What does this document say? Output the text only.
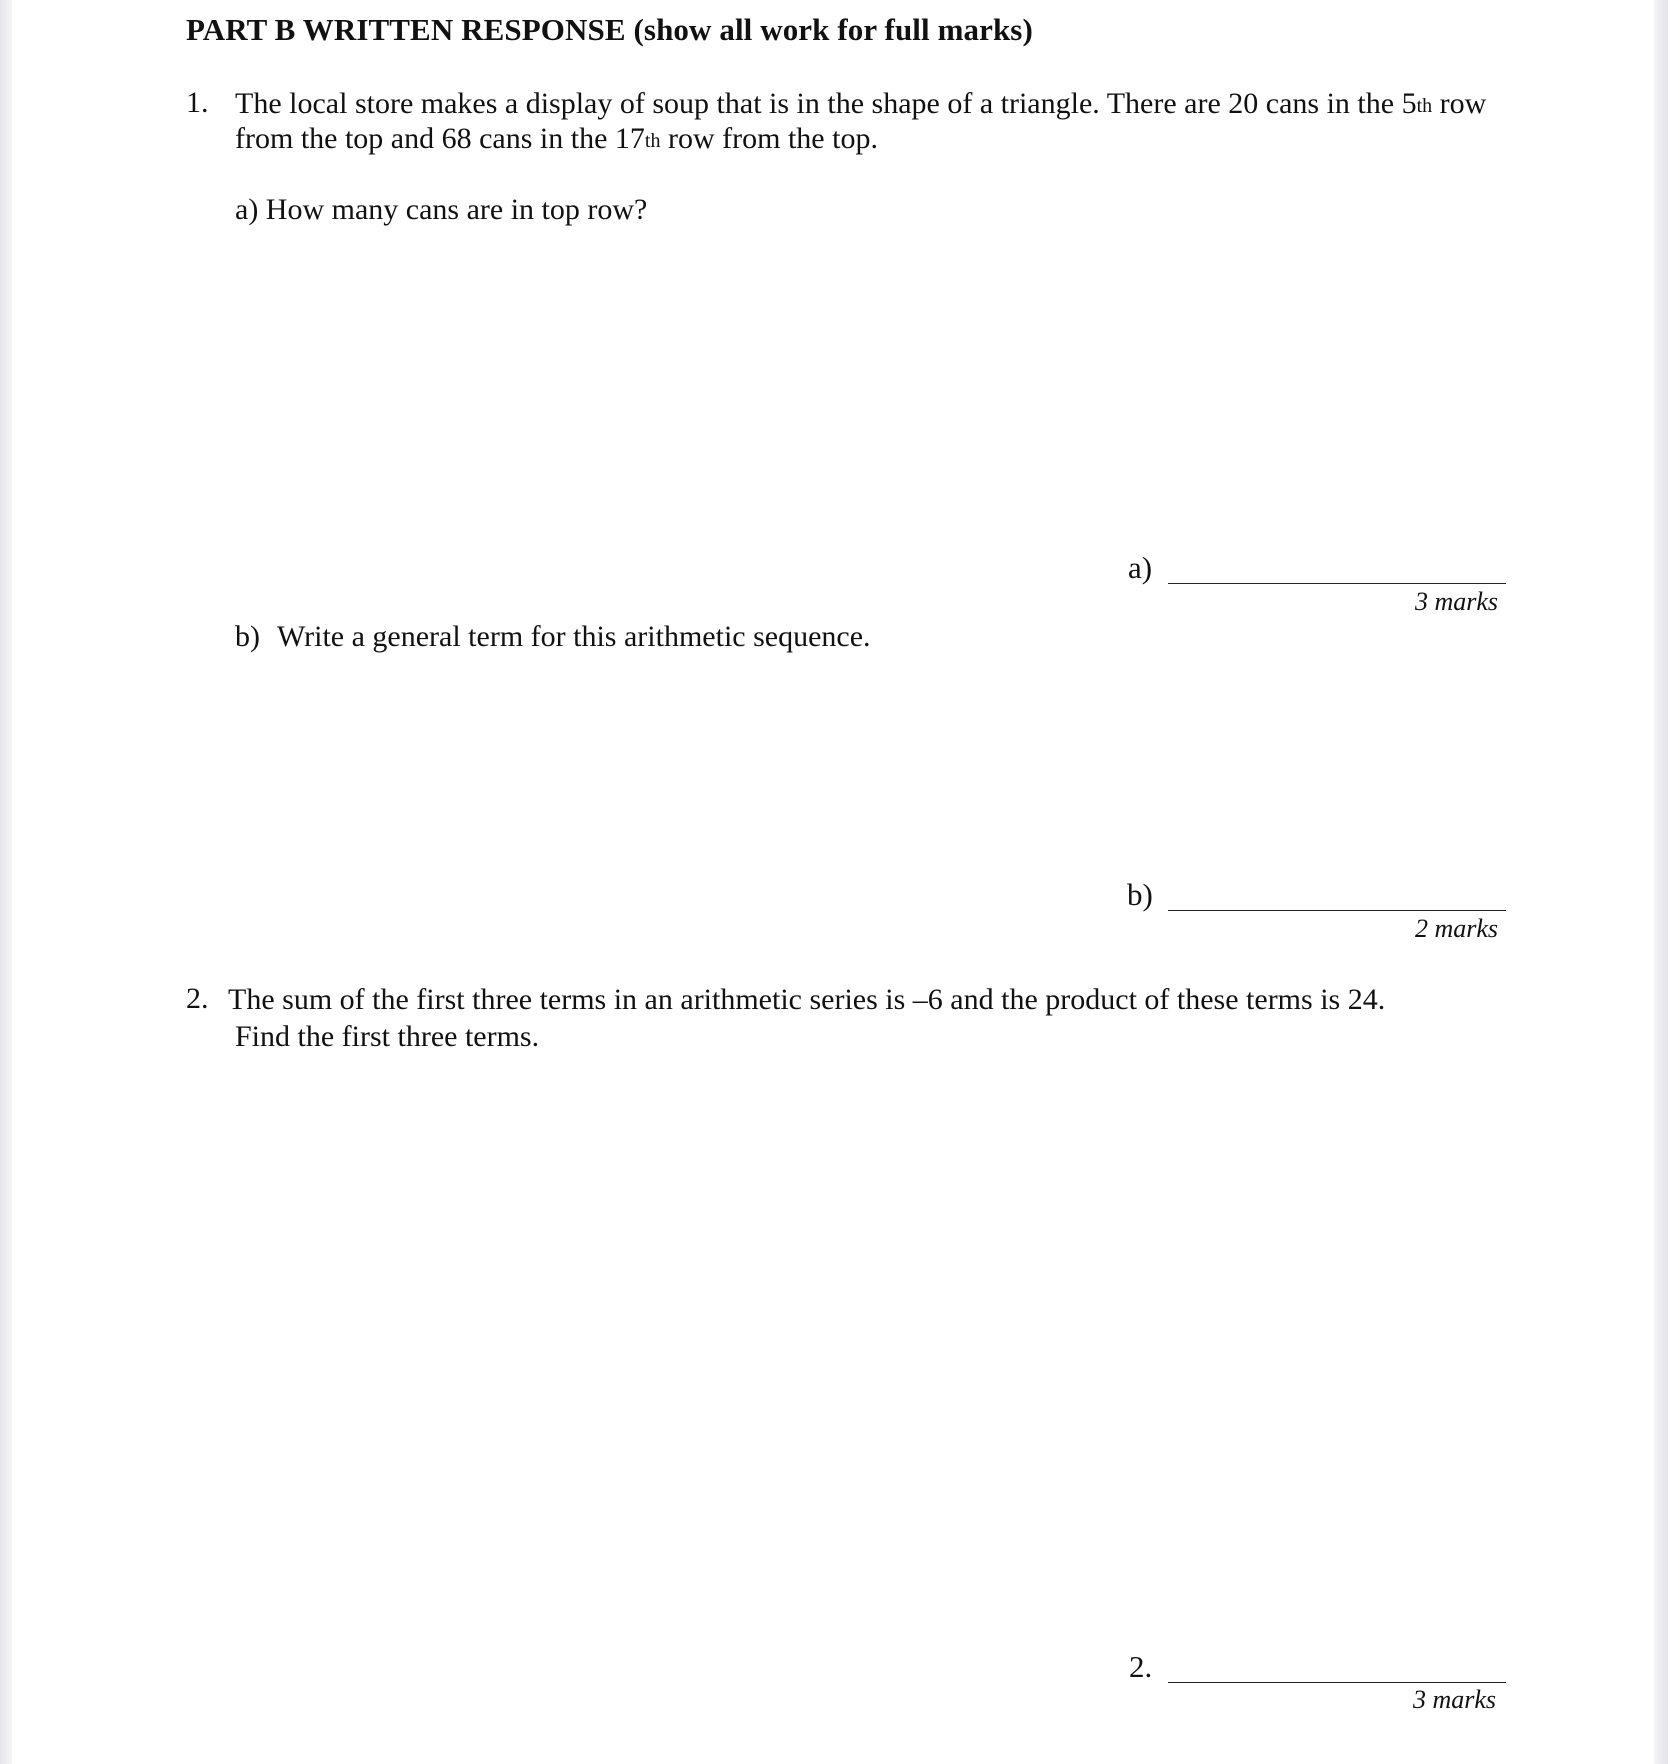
PART B WRITTEN RESPONSE (show all work for full marks)
1. The local store makes a display of soup that is in the shape of a triangle. There are 20 cans in the 5th row
from the top and 68 cans in the 17th row from the top.
a) How many cans are in top row?
a)
3 marks
b) Write a general term for this arithmetic sequence.
b)
2 marks
2. The sum of the first three terms in an arithmetic series is –6 and the product of these terms is 24.
Find the first three terms.
2.
3 marks
